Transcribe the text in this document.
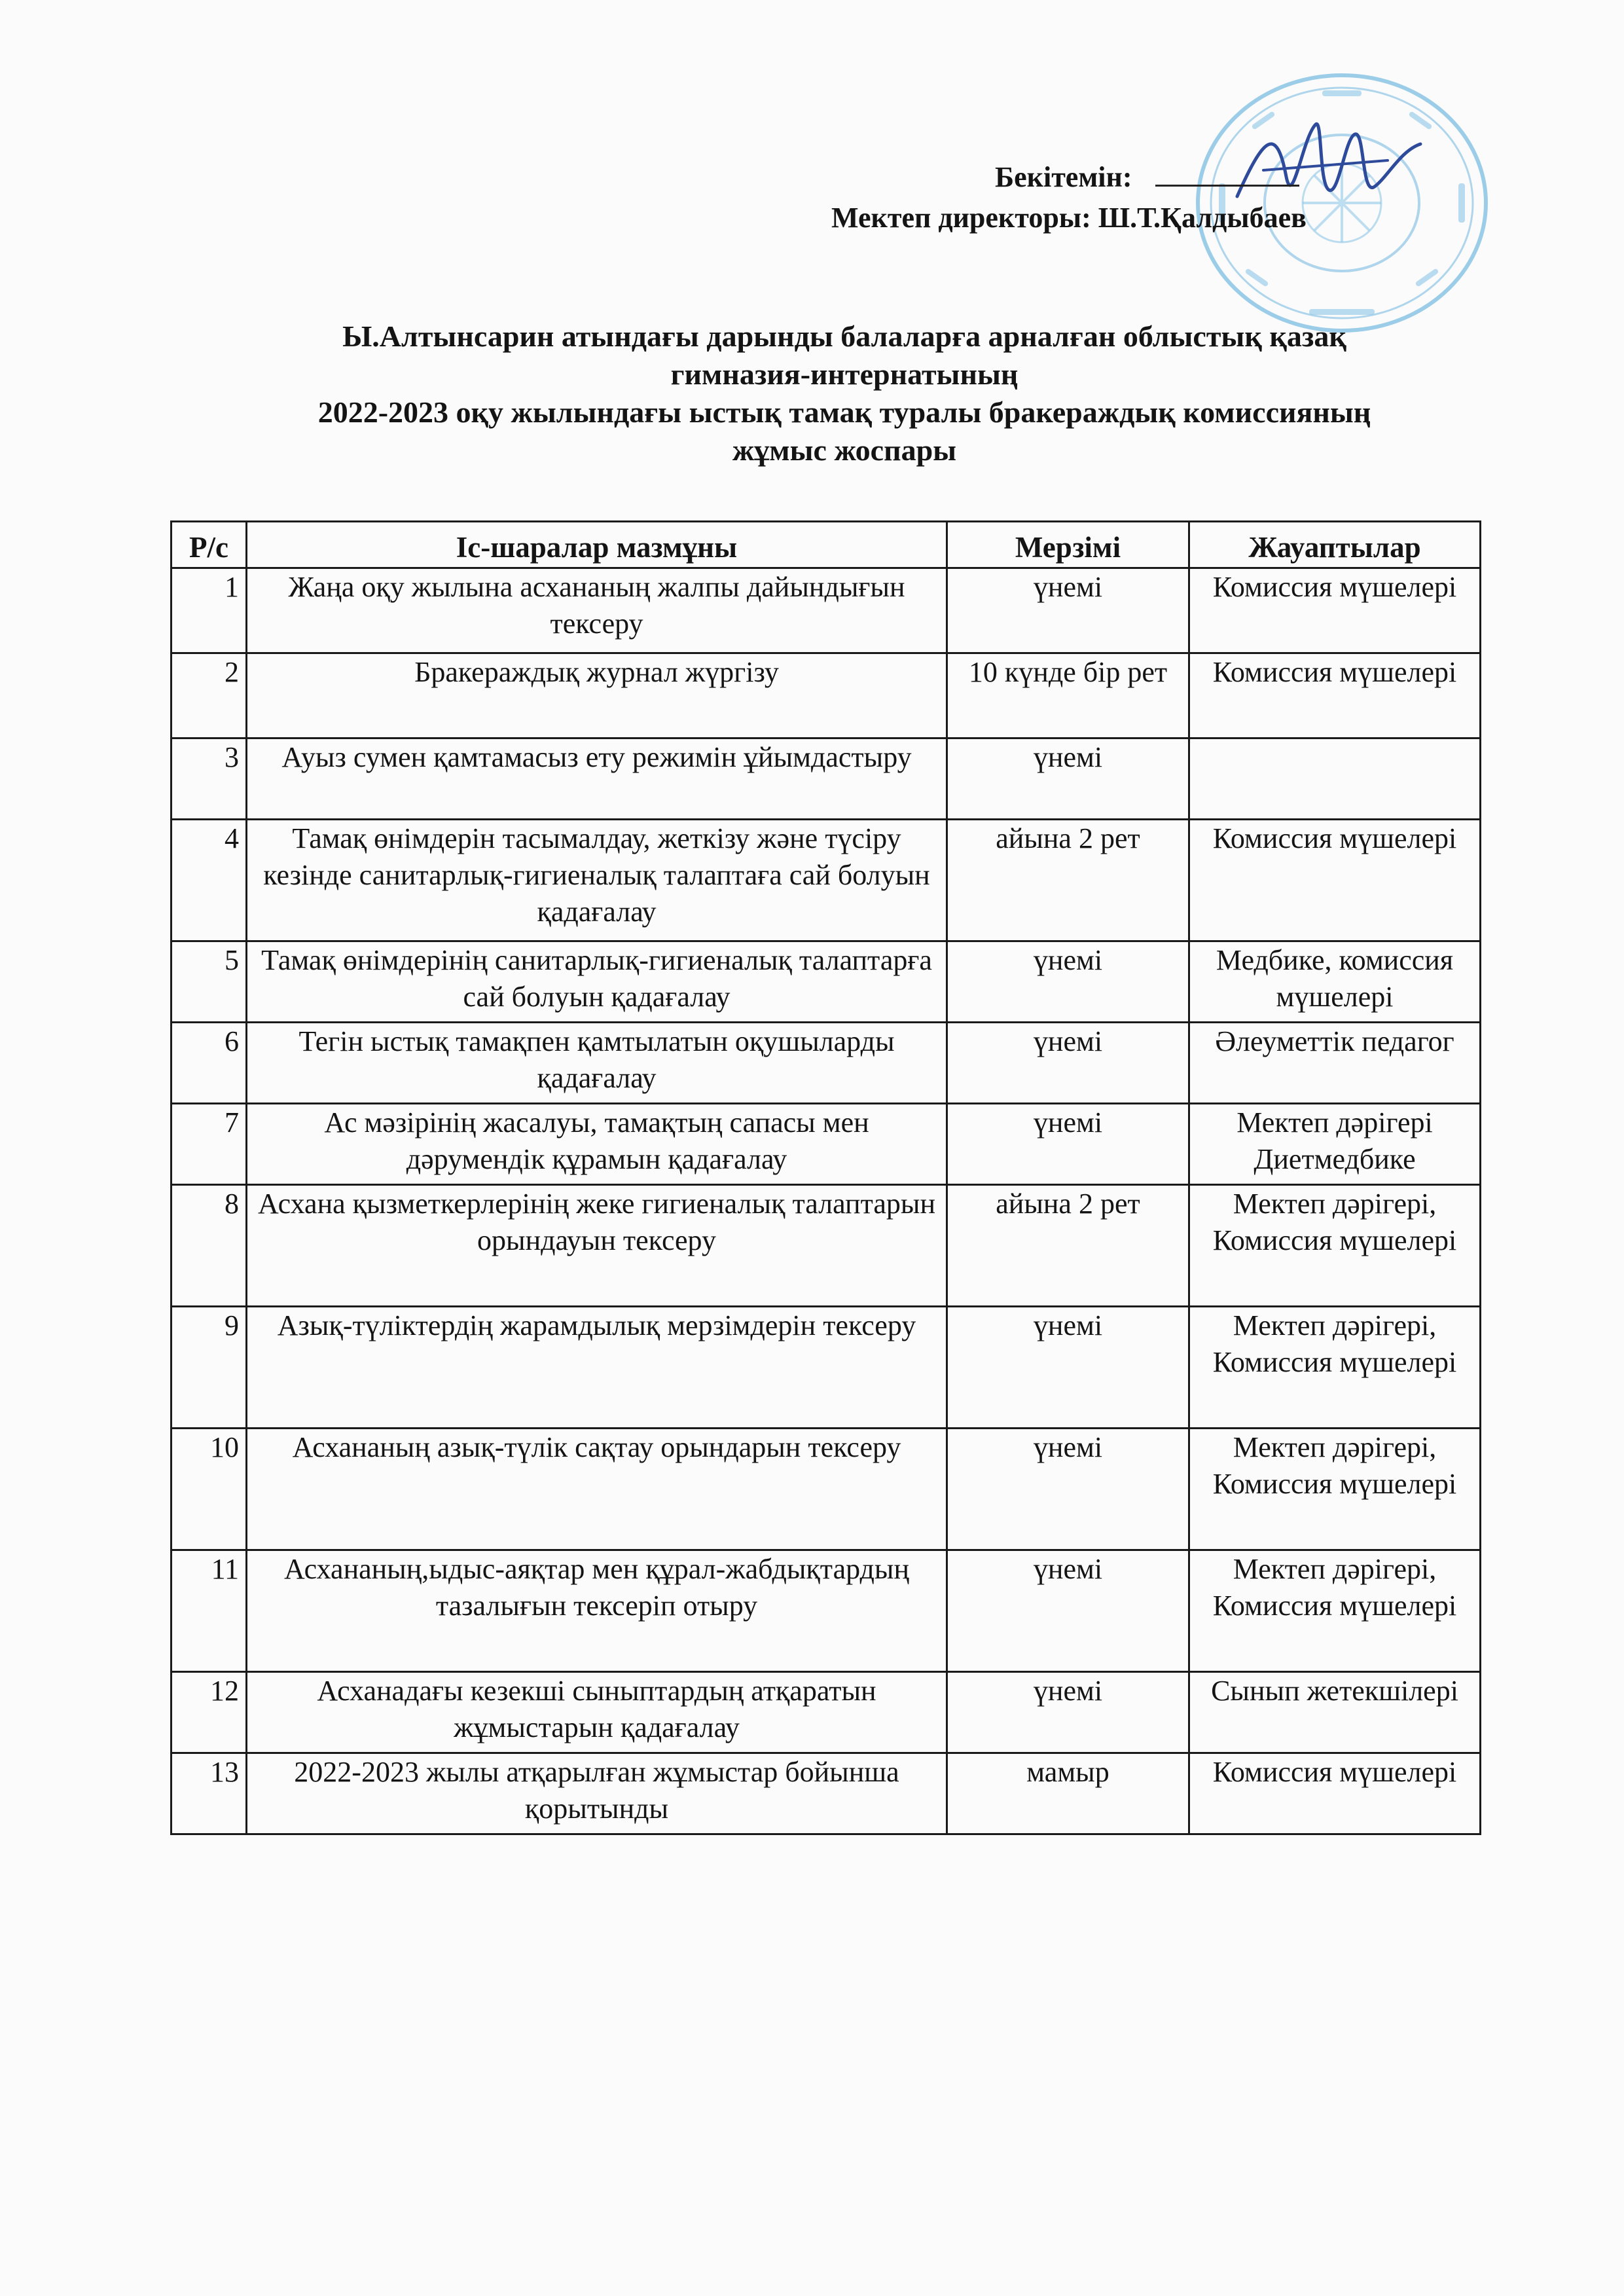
Бекітемін:
Мектеп директоры: Ш.Т.Қалдыбаев
Ы.Алтынсарин атындағы дарынды балаларға арналған облыстық қазақ
гимназия-интернатының
2022-2023 оқу жылындағы ыстық тамақ туралы бракераждық комиссияның
жұмыс жоспары
Р/с	Іс-шаралар мазмұны	Мерзімі	Жауаптылар
1	Жаңа оқу жылына асхананың жалпы дайындығын тексеру	үнемі	Комиссия мүшелері
2	Бракераждық журнал жүргізу	10 күнде бір рет	Комиссия мүшелері
3	Ауыз сумен қамтамасыз ету режимін ұйымдастыру	үнемі	
4	Тамақ өнімдерін тасымалдау, жеткізу және түсіру кезінде санитарлық-гигиеналық талаптаға сай болуын қадағалау	айына 2 рет	Комиссия мүшелері
5	Тамақ өнімдерінің санитарлық-гигиеналық талаптарға сай болуын қадағалау	үнемі	Медбике, комиссия мүшелері
6	Тегін ыстық тамақпен қамтылатын оқушыларды қадағалау	үнемі	Әлеуметтік педагог
7	Ас мәзірінің жасалуы, тамақтың сапасы мен дәрумендік құрамын қадағалау	үнемі	Мектеп дәрігері Диетмедбике
8	Асхана қызметкерлерінің жеке гигиеналық талаптарын орындауын тексеру	айына 2 рет	Мектеп дәрігері, Комиссия мүшелері
9	Азық-түліктердің жарамдылық мерзімдерін тексеру	үнемі	Мектеп дәрігері, Комиссия мүшелері
10	Асхананың азық-түлік сақтау орындарын тексеру	үнемі	Мектеп дәрігері, Комиссия мүшелері
11	Асхананың,ыдыс-аяқтар мен құрал-жабдықтардың тазалығын тексеріп отыру	үнемі	Мектеп дәрігері, Комиссия мүшелері
12	Асханадағы кезекші сыныптардың атқаратын жұмыстарын қадағалау	үнемі	Сынып жетекшілері
13	2022-2023 жылы атқарылған жұмыстар бойынша қорытынды	мамыр	Комиссия мүшелері
